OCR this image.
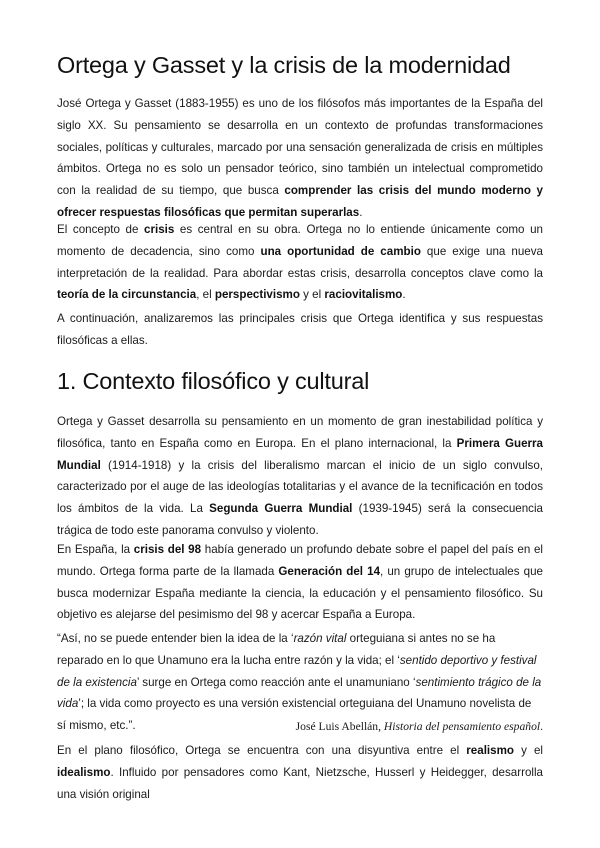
Ortega y Gasset y la crisis de la modernidad

José Ortega y Gasset (1883-1955) es uno de los filósofos más importantes de la España del siglo XX. Su pensamiento se desarrolla en un contexto de profundas transformaciones sociales, políticas y culturales, marcado por una sensación generalizada de crisis en múltiples ámbitos. Ortega no es solo un pensador teórico, sino también un intelectual comprometido con la realidad de su tiempo, que busca comprender las crisis del mundo moderno y ofrecer respuestas filosóficas que permitan superarlas.

El concepto de crisis es central en su obra. Ortega no lo entiende únicamente como un momento de decadencia, sino como una oportunidad de cambio que exige una nueva interpretación de la realidad. Para abordar estas crisis, desarrolla conceptos clave como la teoría de la circunstancia, el perspectivismo y el raciovitalismo.

A continuación, analizaremos las principales crisis que Ortega identifica y sus respuestas filosóficas a ellas.

1. Contexto filosófico y cultural

Ortega y Gasset desarrolla su pensamiento en un momento de gran inestabilidad política y filosófica, tanto en España como en Europa. En el plano internacional, la Primera Guerra Mundial (1914-1918) y la crisis del liberalismo marcan el inicio de un siglo convulso, caracterizado por el auge de las ideologías totalitarias y el avance de la tecnificación en todos los ámbitos de la vida. La Segunda Guerra Mundial (1939-1945) será la consecuencia trágica de todo este panorama convulso y violento.

En España, la crisis del 98 había generado un profundo debate sobre el papel del país en el mundo. Ortega forma parte de la llamada Generación del 14, un grupo de intelectuales que busca modernizar España mediante la ciencia, la educación y el pensamiento filosófico. Su objetivo es alejarse del pesimismo del 98 y acercar España a Europa.

“Así, no se puede entender bien la idea de la ‘razón vital orteguiana si antes no se ha reparado en lo que Unamuno era la lucha entre razón y la vida; el ‘sentido deportivo y festival de la existencia’ surge en Ortega como reacción ante el unamuniano ‘sentimiento trágico de la vida’; la vida como proyecto es una versión existencial orteguiana del Unamuno novelista de sí mismo, etc.”.	José Luis Abellán, Historia del pensamiento español.

En el plano filosófico, Ortega se encuentra con una disyuntiva entre el realismo y el idealismo. Influido por pensadores como Kant, Nietzsche, Husserl y Heidegger, desarrolla una visión original
